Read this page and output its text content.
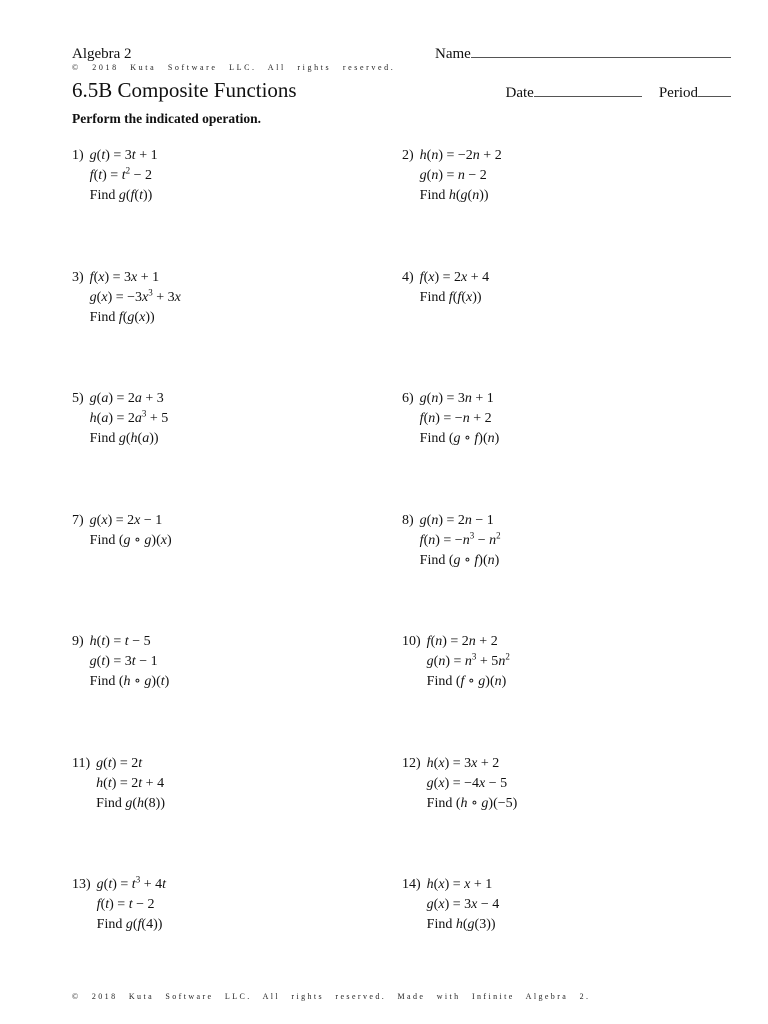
Algebra 2	Name
© 2018 Kuta Software LLC. All rights reserved.
6.5B Composite Functions	Date	Period
Perform the indicated operation.
1) g(t) = 3t + 1
$f(t) = t^2 - 2$
Find g(f(t))
2) h(n) = −2n + 2
g(n) = n − 2
Find h(g(n))
3) f(x) = 3x + 1
$g(x) = -3x^3 + 3x$
Find f(g(x))
4) f(x) = 2x + 4
Find f(f(x))
5) g(a) = 2a + 3
$h(a) = 2a^3 + 5$
Find g(h(a))
6) g(n) = 3n + 1
f(n) = −n + 2
Find (g ∘ f)(n)
7) g(x) = 2x − 1
Find (g ∘ g)(x)
8) g(n) = 2n − 1
$f(n) = -n^3 - n^2$
Find (g ∘ f)(n)
9) h(t) = t − 5
g(t) = 3t − 1
Find (h ∘ g)(t)
10) f(n) = 2n + 2
$g(n) = n^3 + 5n^2$
Find (f ∘ g)(n)
11) g(t) = 2t
h(t) = 2t + 4
Find g(h(8))
12) h(x) = 3x + 2
g(x) = −4x − 5
Find (h ∘ g)(−5)
13) $g(t) = t^3 + 4t$
f(t) = t − 2
Find g(f(4))
14) h(x) = x + 1
g(x) = 3x − 4
Find h(g(3))
© 2018 Kuta Software LLC. All rights reserved. Made with Infinite Algebra 2.
